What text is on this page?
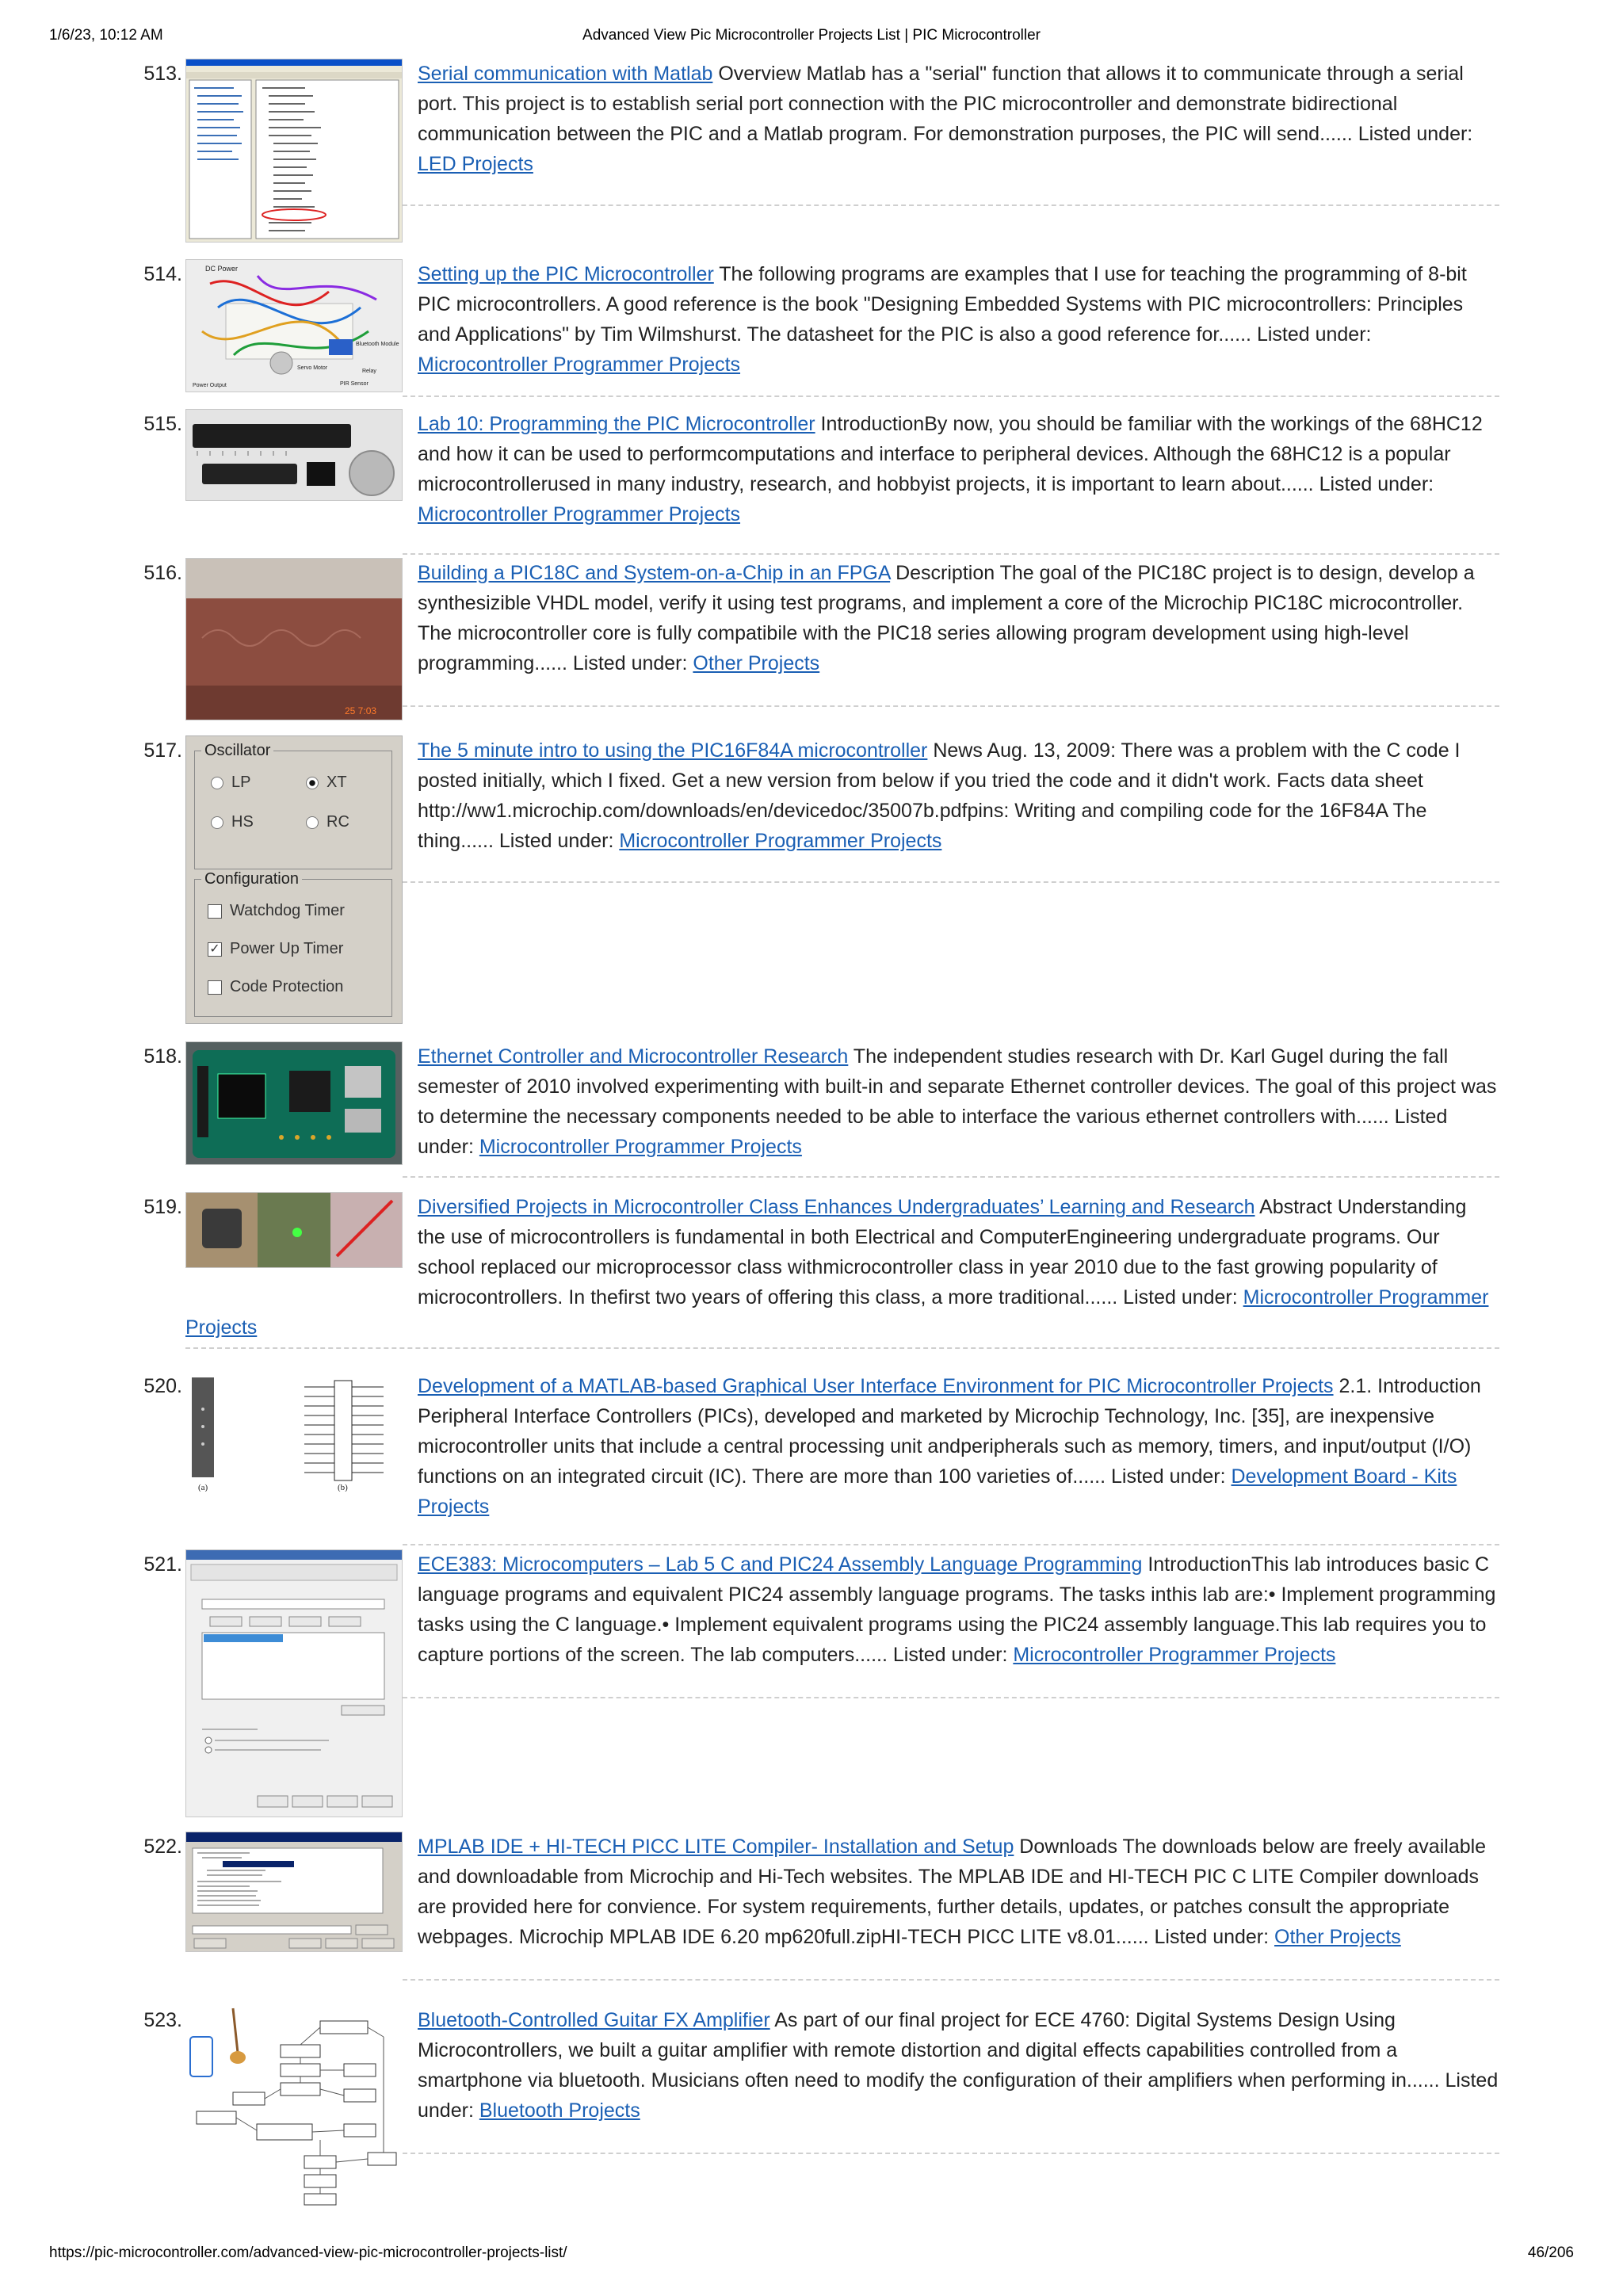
1/6/23, 10:12 AM	Advanced View Pic Microcontroller Projects List | PIC Microcontroller
513.	Serial communication with Matlab Overview Matlab has a "serial" function that allows it to communicate through a serial port. This project is to establish serial port connection with the PIC microcontroller and demonstrate bidirectional communication between the PIC and a Matlab program. For demonstration purposes, the PIC will send...... Listed under: LED Projects
514.	DC Power
Bluetooth Module
Relay
Power Output
Servo Motor
PIR Sensor
Setting up the PIC Microcontroller The following programs are examples that I use for teaching the programming of 8-bit PIC microcontrollers. A good reference is the book "Designing Embedded Systems with PIC microcontrollers: Principles and Applications" by Tim Wilmshurst. The datasheet for the PIC is also a good reference for...... Listed under: Microcontroller Programmer Projects
515.	Lab 10: Programming the PIC Microcontroller IntroductionBy now, you should be familiar with the workings of the 68HC12 and how it can be used to performcomputations and interface to peripheral devices. Although the 68HC12 is a popular microcontrollerused in many industry, research, and hobbyist projects, it is important to learn about...... Listed under: Microcontroller Programmer Projects
516.
25 7:03
Building a PIC18C and System-on-a-Chip in an FPGA Description The goal of the PIC18C project is to design, develop a synthesizible VHDL model, verify it using test programs, and implement a core of the Microchip PIC18C microcontroller. The microcontroller core is fully compatibile with the PIC18 series allowing program development using high-level programming...... Listed under: Other Projects
517. Oscillator
LP	XT
HS	RC
Configuration
Watchdog Timer
✓ Power Up Timer
Code Protection
The 5 minute intro to using the PIC16F84A microcontroller News Aug. 13, 2009: There was a problem with the C code I posted initially, which I fixed. Get a new version from below if you tried the code and it didn't work. Facts data sheet http://ww1.microchip.com/downloads/en/devicedoc/35007b.pdfpins: Writing and compiling code for the 16F84A The thing...... Listed under: Microcontroller Programmer Projects
518.	Ethernet Controller and Microcontroller Research The independent studies research with Dr. Karl Gugel during the fall semester of 2010 involved experimenting with built-in and separate Ethernet controller devices. The goal of this project was to determine the necessary components needed to be able to interface the various ethernet controllers with...... Listed under: Microcontroller Programmer Projects
519.	Diversified Projects in Microcontroller Class Enhances Undergraduates’ Learning and Research Abstract Understanding the use of microcontrollers is fundamental in both Electrical and ComputerEngineering undergraduate programs. Our school replaced our microprocessor class withmicrocontroller class in year 2010 due to the fast growing popularity of microcontrollers. In thefirst two years of offering this class, a more traditional...... Listed under: Microcontroller Programmer
Projects
520.
(a)	(b)
Development of a MATLAB-based Graphical User Interface Environment for PIC Microcontroller Projects 2.1. Introduction Peripheral Interface Controllers (PICs), developed and marketed by Microchip Technology, Inc. [35], are inexpensive microcontroller units that include a central processing unit andperipherals such as memory, timers, and input/output (I/O) functions on an integrated circuit (IC). There are more than 100 varieties of...... Listed under: Development Board - Kits Projects
521.	ECE383: Microcomputers – Lab 5 C and PIC24 Assembly Language Programming IntroductionThis lab introduces basic C language programs and equivalent PIC24 assembly language programs. The tasks inthis lab are:• Implement programming tasks using the C language.• Implement equivalent programs using the PIC24 assembly language.This lab requires you to capture portions of the screen. The lab computers...... Listed under: Microcontroller Programmer Projects
522.	MPLAB IDE + HI-TECH PICC LITE Compiler- Installation and Setup Downloads The downloads below are freely available and downloadable from Microchip and Hi-Tech websites. The MPLAB IDE and HI-TECH PIC C LITE Compiler downloads are provided here for convience. For system requirements, further details, updates, or patches consult the appropriate webpages. Microchip MPLAB IDE 6.20 mp620full.zipHI-TECH PICC LITE v8.01...... Listed under: Other Projects
523.	Bluetooth-Controlled Guitar FX Amplifier As part of our final project for ECE 4760: Digital Systems Design Using Microcontrollers, we built a guitar amplifier with remote distortion and digital effects capabilities controlled from a smartphone via bluetooth. Musicians often need to modify the configuration of their amplifiers when performing in...... Listed under: Bluetooth Projects
https://pic-microcontroller.com/advanced-view-pic-microcontroller-projects-list/	46/206
